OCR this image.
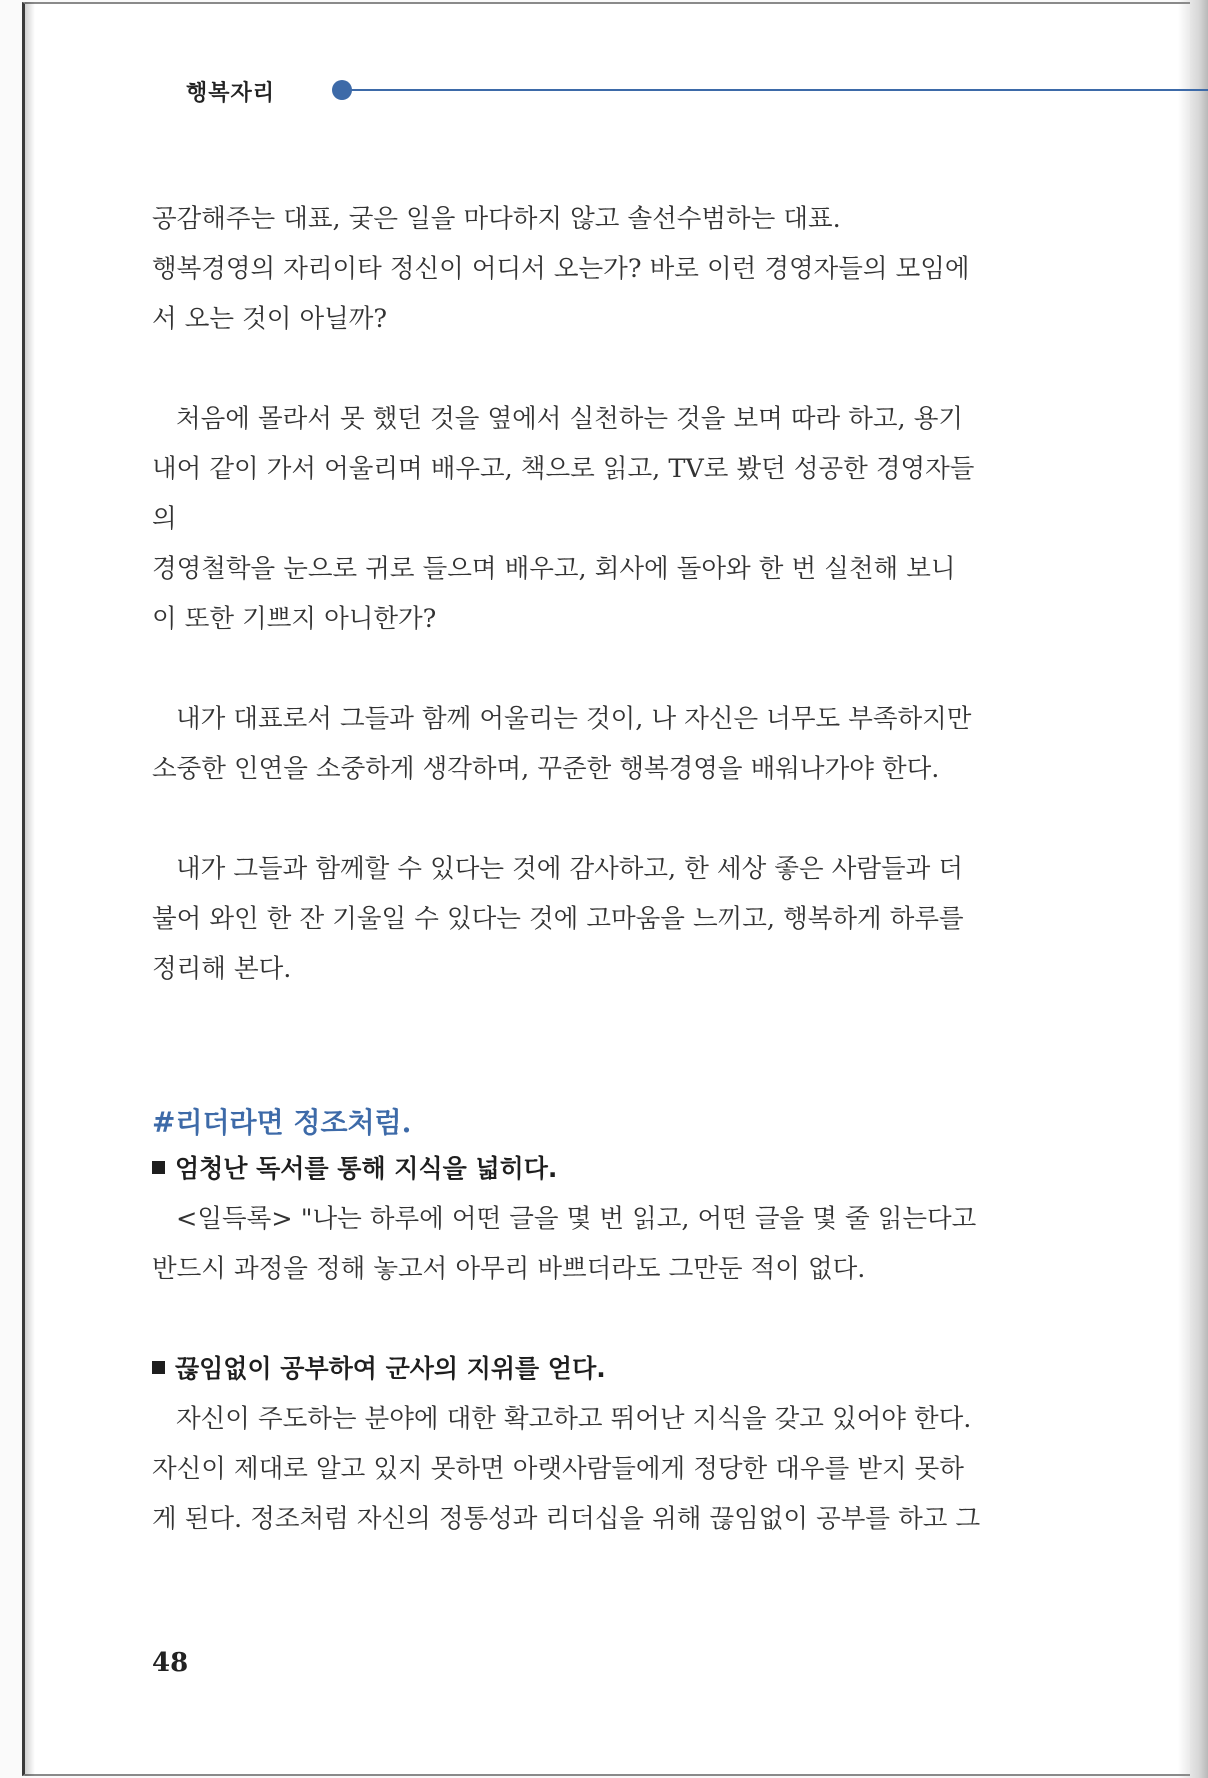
행복자리
공감해주는 대표, 궂은 일을 마다하지 않고 솔선수범하는 대표.
행복경영의 자리이타 정신이 어디서 오는가? 바로 이런 경영자들의 모임에
서 오는 것이 아닐까?
처음에 몰라서 못 했던 것을 옆에서 실천하는 것을 보며 따라 하고, 용기
내어 같이 가서 어울리며 배우고, 책으로 읽고, TV로 봤던 성공한 경영자들
의
경영철학을 눈으로 귀로 들으며 배우고, 회사에 돌아와 한 번 실천해 보니
이 또한 기쁘지 아니한가?
내가 대표로서 그들과 함께 어울리는 것이, 나 자신은 너무도 부족하지만
소중한 인연을 소중하게 생각하며, 꾸준한 행복경영을 배워나가야 한다.
내가 그들과 함께할 수 있다는 것에 감사하고, 한 세상 좋은 사람들과 더
불어 와인 한 잔 기울일 수 있다는 것에 고마움을 느끼고, 행복하게 하루를
정리해 본다.
#리더라면 정조처럼.
엄청난 독서를 통해 지식을 넓히다.
<일득록> "나는 하루에 어떤 글을 몇 번 읽고, 어떤 글을 몇 줄 읽는다고
반드시 과정을 정해 놓고서 아무리 바쁘더라도 그만둔 적이 없다.
끊임없이 공부하여 군사의 지위를 얻다.
자신이 주도하는 분야에 대한 확고하고 뛰어난 지식을 갖고 있어야 한다.
자신이 제대로 알고 있지 못하면 아랫사람들에게 정당한 대우를 받지 못하
게 된다. 정조처럼 자신의 정통성과 리더십을 위해 끊임없이 공부를 하고 그
48
